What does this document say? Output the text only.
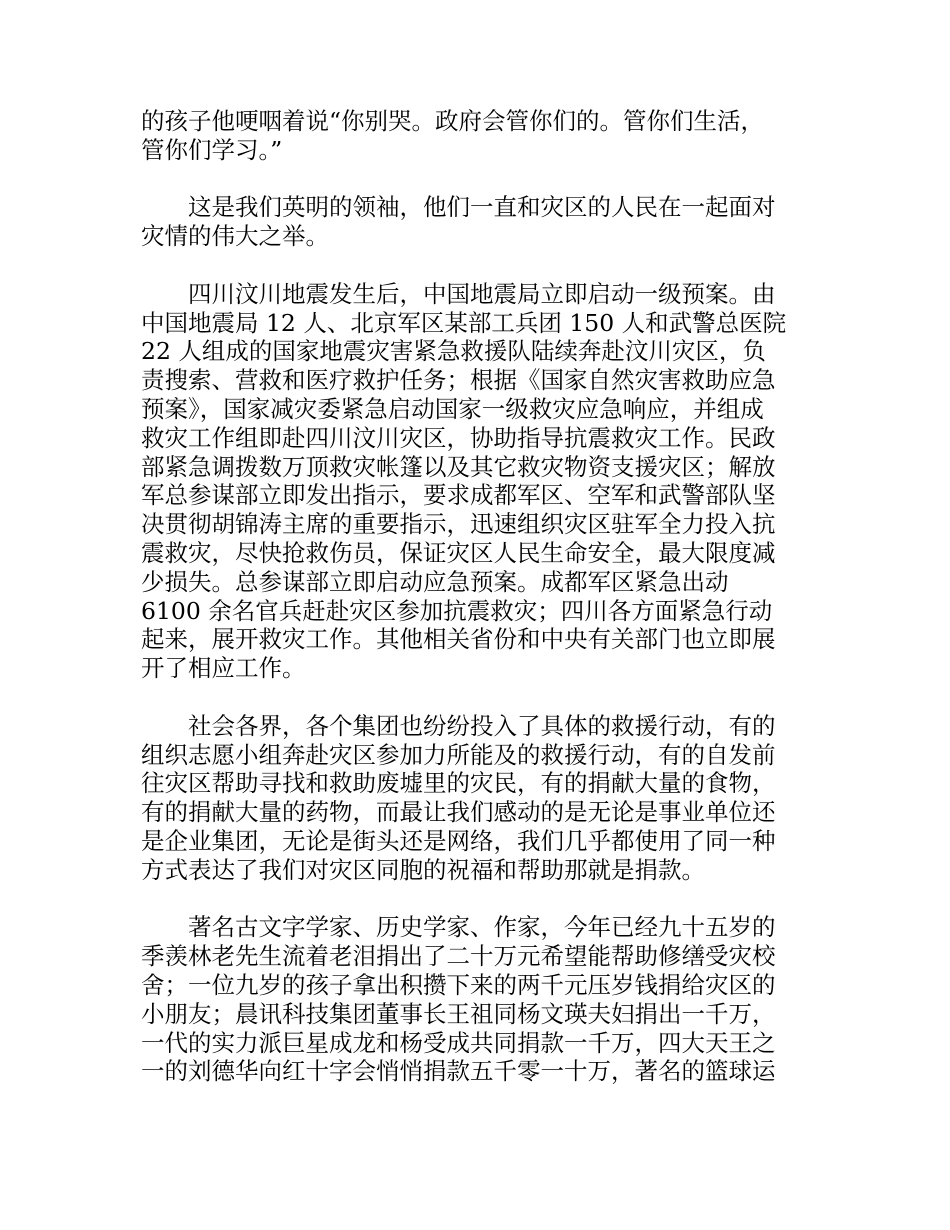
的孩子他哽咽着说“你别哭。政府会管你们的。管你们生活，
管你们学习。”
　　这是我们英明的领袖，他们一直和灾区的人民在一起面对
灾情的伟大之举。
　　四川汶川地震发生后，中国地震局立即启动一级预案。由
中国地震局 12 人、北京军区某部工兵团 150 人和武警总医院
22 人组成的国家地震灾害紧急救援队陆续奔赴汶川灾区，负
责搜索、营救和医疗救护任务；根据《国家自然灾害救助应急
预案》，国家减灾委紧急启动国家一级救灾应急响应，并组成
救灾工作组即赴四川汶川灾区，协助指导抗震救灾工作。民政
部紧急调拨数万顶救灾帐篷以及其它救灾物资支援灾区；解放
军总参谋部立即发出指示，要求成都军区、空军和武警部队坚
决贯彻胡锦涛主席的重要指示，迅速组织灾区驻军全力投入抗
震救灾，尽快抢救伤员，保证灾区人民生命安全，最大限度减
少损失。总参谋部立即启动应急预案。成都军区紧急出动
6100 余名官兵赶赴灾区参加抗震救灾；四川各方面紧急行动
起来，展开救灾工作。其他相关省份和中央有关部门也立即展
开了相应工作。
　　社会各界，各个集团也纷纷投入了具体的救援行动，有的
组织志愿小组奔赴灾区参加力所能及的救援行动，有的自发前
往灾区帮助寻找和救助废墟里的灾民，有的捐献大量的食物，
有的捐献大量的药物，而最让我们感动的是无论是事业单位还
是企业集团，无论是街头还是网络，我们几乎都使用了同一种
方式表达了我们对灾区同胞的祝福和帮助那就是捐款。
　　著名古文字学家、历史学家、作家，今年已经九十五岁的
季羡林老先生流着老泪捐出了二十万元希望能帮助修缮受灾校
舍；一位九岁的孩子拿出积攒下来的两千元压岁钱捐给灾区的
小朋友；晨讯科技集团董事长王祖同杨文瑛夫妇捐出一千万，
一代的实力派巨星成龙和杨受成共同捐款一千万，四大天王之
一的刘德华向红十字会悄悄捐款五千零一十万，著名的篮球运
